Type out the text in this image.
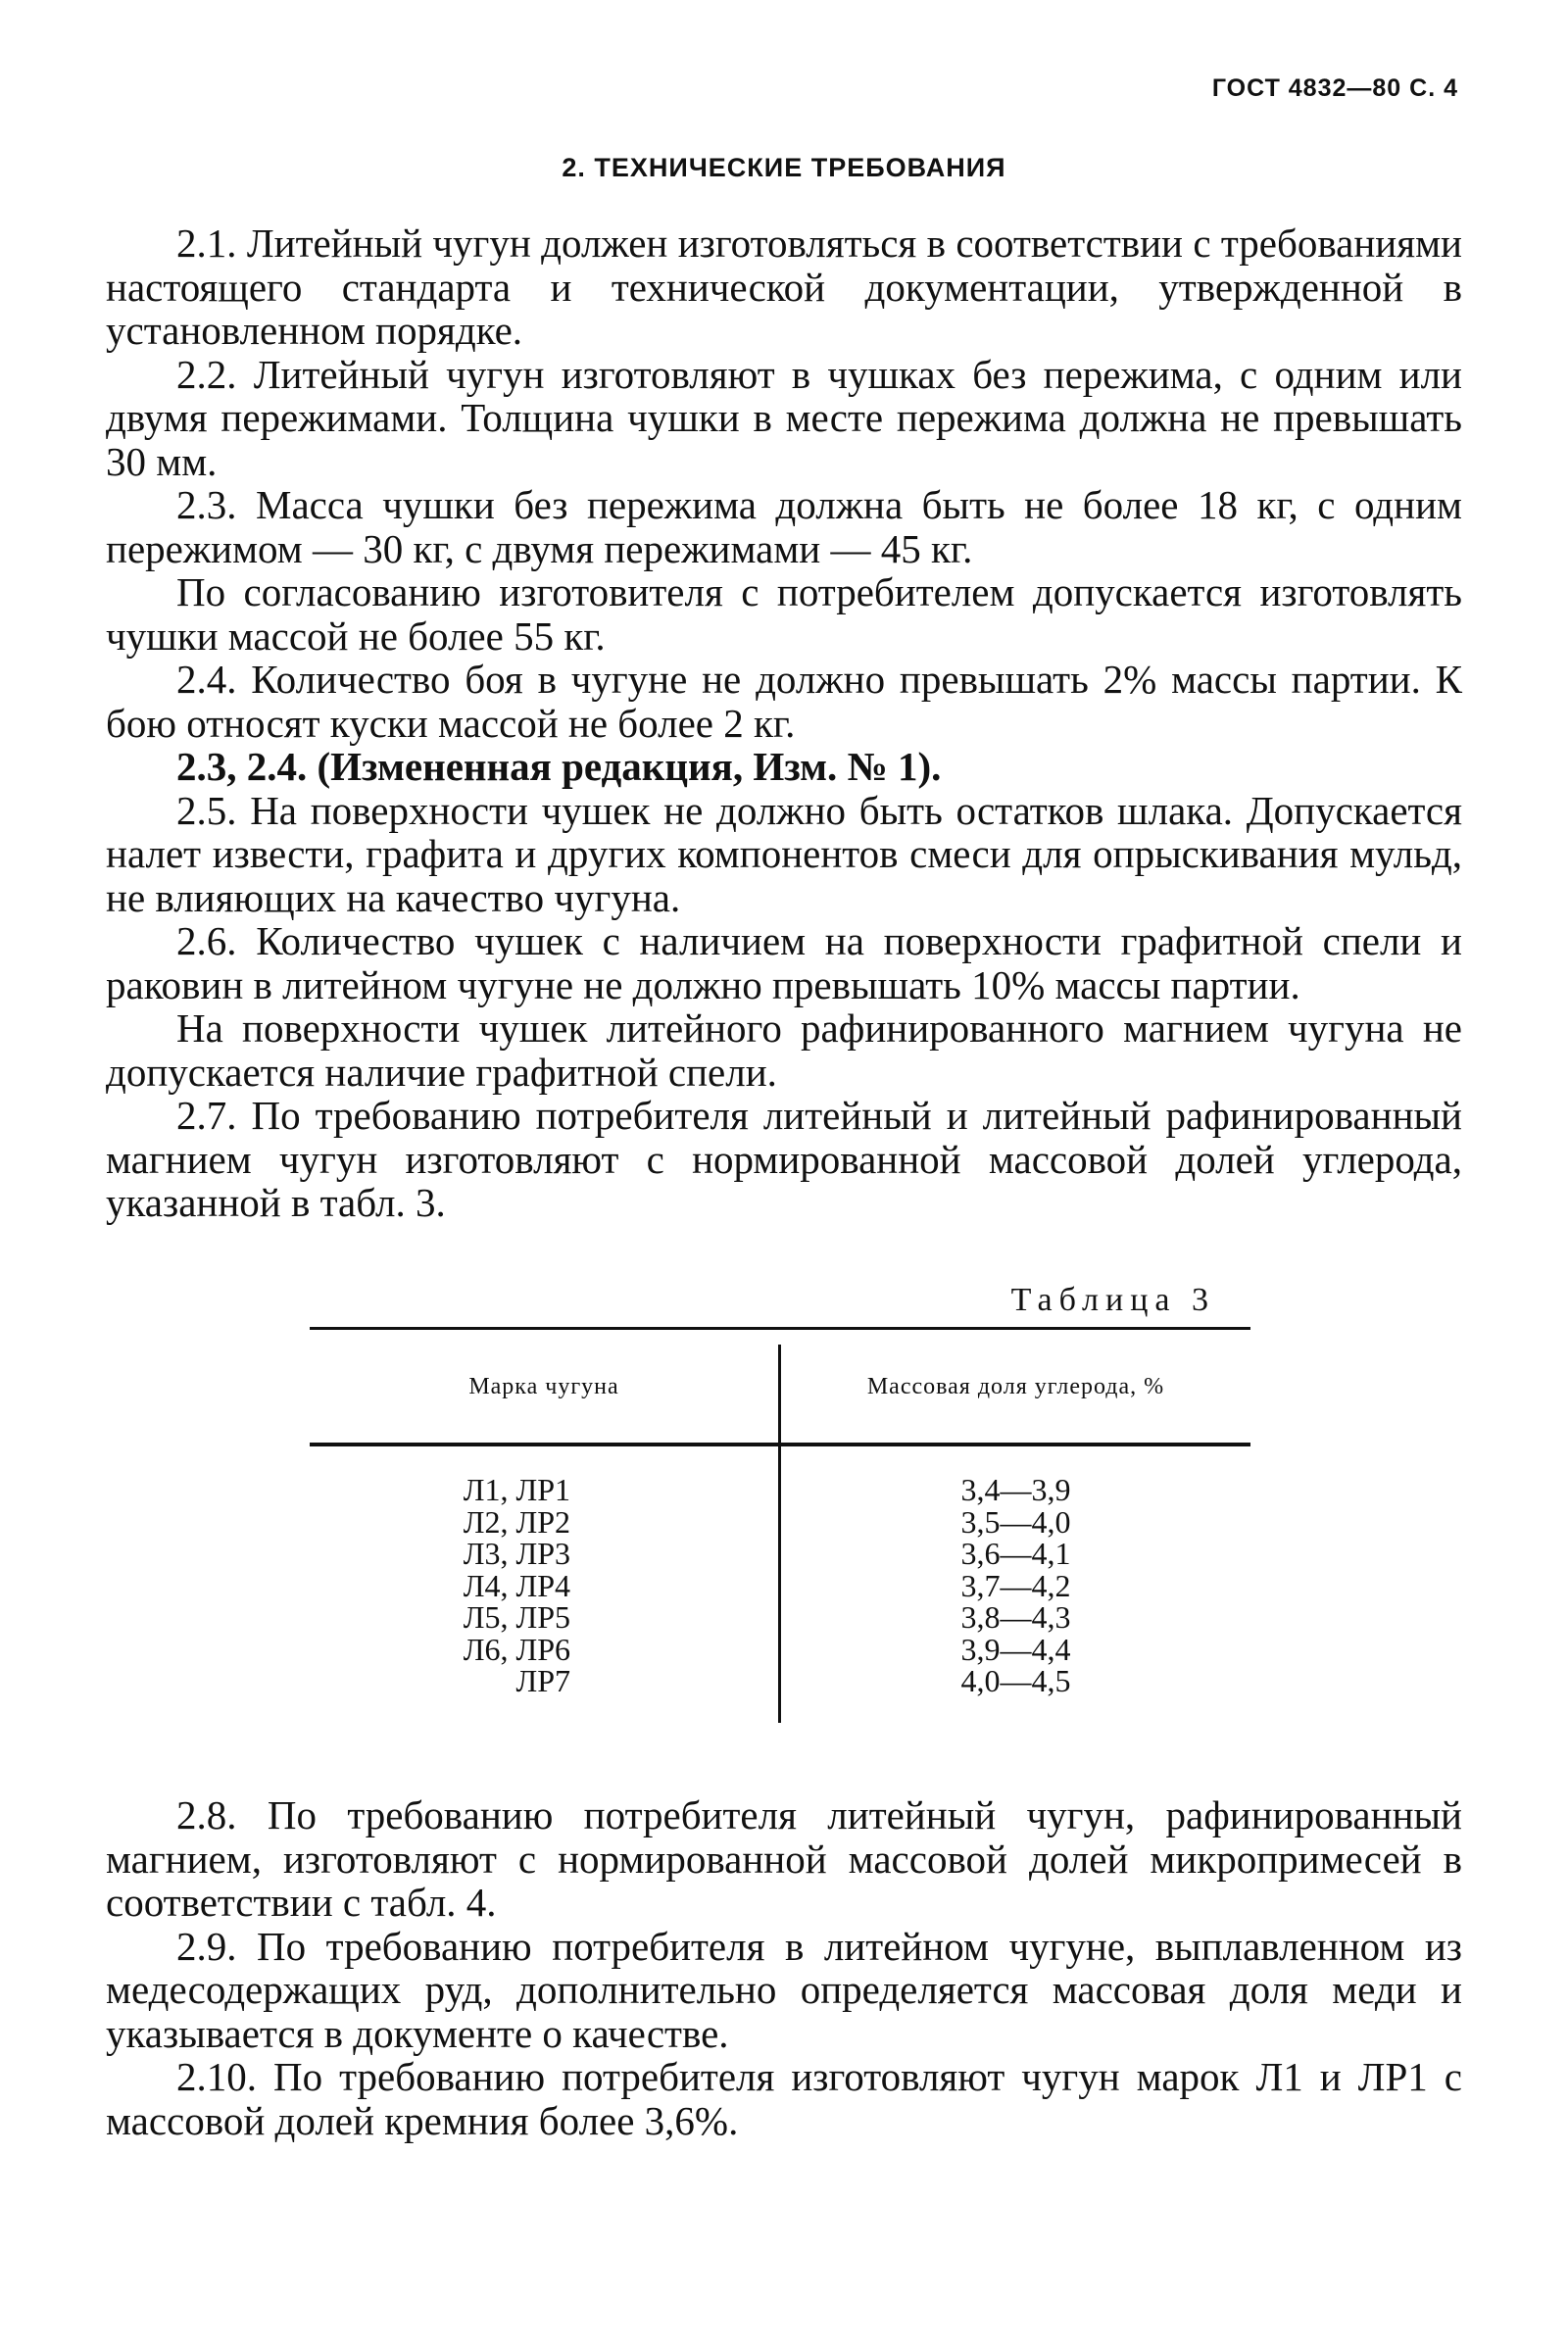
ГОСТ 4832—80 С. 4
2. ТЕХНИЧЕСКИЕ ТРЕБОВАНИЯ

2.1. Литейный чугун должен изготовляться в соответствии с требованиями настоящего стандарта и технической документации, утвержденной в установленном порядке.

2.2. Литейный чугун изготовляют в чушках без пережима, с одним или двумя пережимами. Толщина чушки в месте пережима должна не превышать 30 мм.

2.3. Масса чушки без пережима должна быть не более 18 кг, с одним пережимом — 30 кг, с двумя пережимами — 45 кг.

По согласованию изготовителя с потребителем допускается изготовлять чушки массой не более 55 кг.

2.4. Количество боя в чугуне не должно превышать 2% массы партии. К бою относят куски массой не более 2 кг.

2.3, 2.4. (Измененная редакция, Изм. № 1).

2.5. На поверхности чушек не должно быть остатков шлака. Допускается налет извести, графита и других компонентов смеси для опрыскивания мульд, не влияющих на качество чугуна.

2.6. Количество чушек с наличием на поверхности графитной спели и раковин в литейном чугуне не должно превышать 10% массы партии.

На поверхности чушек литейного рафинированного магнием чугуна не допускается наличие графитной спели.

2.7. По требованию потребителя литейный и литейный рафинированный магнием чугун изготовляют с нормированной массовой долей углерода, указанной в табл. 3.

Таблица 3
Марка чугуна	Массовая доля углерода, %
Л1, ЛР1
Л2, ЛР2
Л3, ЛР3
Л4, ЛР4
Л5, ЛР5
Л6, ЛР6
ЛР7
3,4—3,9
3,5—4,0
3,6—4,1
3,7—4,2
3,8—4,3
3,9—4,4
4,0—4,5

2.8. По требованию потребителя литейный чугун, рафинированный магнием, изготовляют с нормированной массовой долей микропримесей в соответствии с табл. 4.

2.9. По требованию потребителя в литейном чугуне, выплавленном из медесодержащих руд, дополнительно определяется массовая доля меди и указывается в документе о качестве.

2.10. По требованию потребителя изготовляют чугун марок Л1 и ЛР1 с массовой долей кремния более 3,6%.
